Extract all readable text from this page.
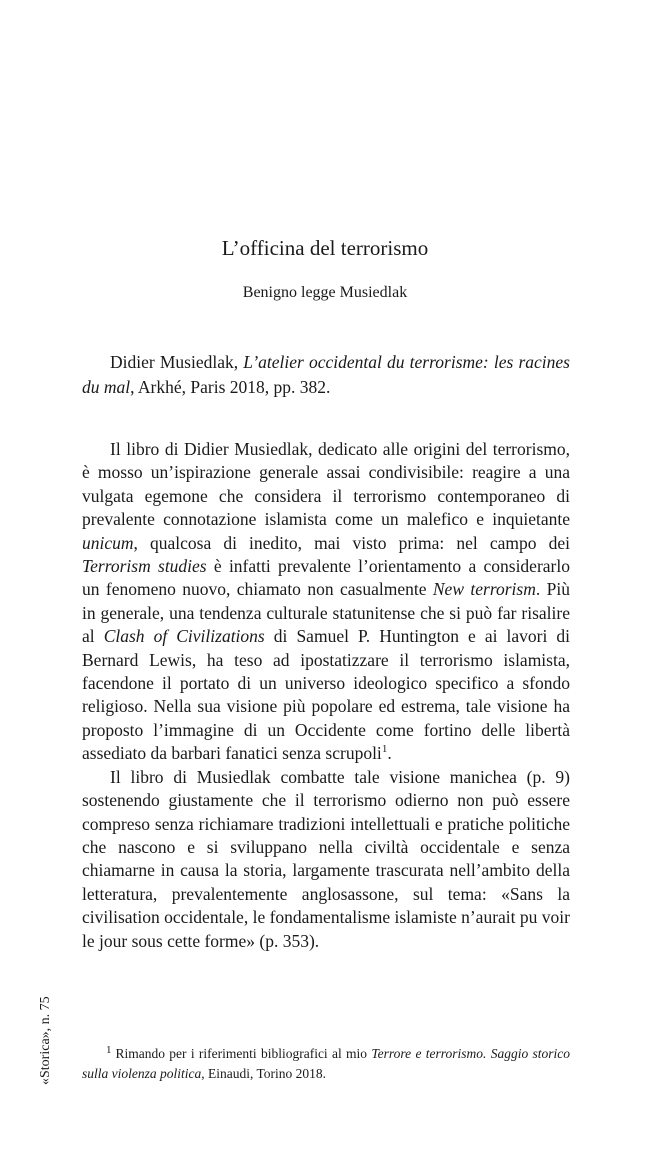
L’officina del terrorismo
Benigno legge Musiedlak

Didier Musiedlak, L’atelier occidental du terrorisme: les racines du mal, Arkhé, Paris 2018, pp. 382.

Il libro di Didier Musiedlak, dedicato alle origini del terrorismo, è mosso un’ispirazione generale assai condivisibile: reagire a una vulgata egemone che considera il terrorismo contemporaneo di prevalente connotazione islamista come un malefico e inquietante unicum, qualcosa di inedito, mai visto prima: nel campo dei Terrorism studies è infatti prevalente l’orientamento a considerarlo un fenomeno nuovo, chiamato non casualmente New terrorism. Più in generale, una tendenza culturale statunitense che si può far risalire al Clash of Civilizations di Samuel P. Huntington e ai lavori di Bernard Lewis, ha teso ad ipostatizzare il terrorismo islamista, facendone il portato di un universo ideologico specifico a sfondo religioso. Nella sua visione più popolare ed estrema, tale visione ha proposto l’immagine di un Occidente come fortino delle libertà assediato da barbari fanatici senza scrupoli$^1$.

Il libro di Musiedlak combatte tale visione manichea (p. 9) sostenendo giustamente che il terrorismo odierno non può essere compreso senza richiamare tradizioni intellettuali e pratiche politiche che nascono e si sviluppano nella civiltà occidentale e senza chiamarne in causa la storia, largamente trascurata nell’ambito della letteratura, prevalentemente anglosassone, sul tema: «Sans la civilisation occidentale, le fondamentalisme islamiste n’aurait pu voir le jour sous cette forme» (p. 353).

$^1$ Rimando per i riferimenti bibliografici al mio Terrore e terrorismo. Saggio storico sulla violenza politica, Einaudi, Torino 2018.

«Storica», n. 75
